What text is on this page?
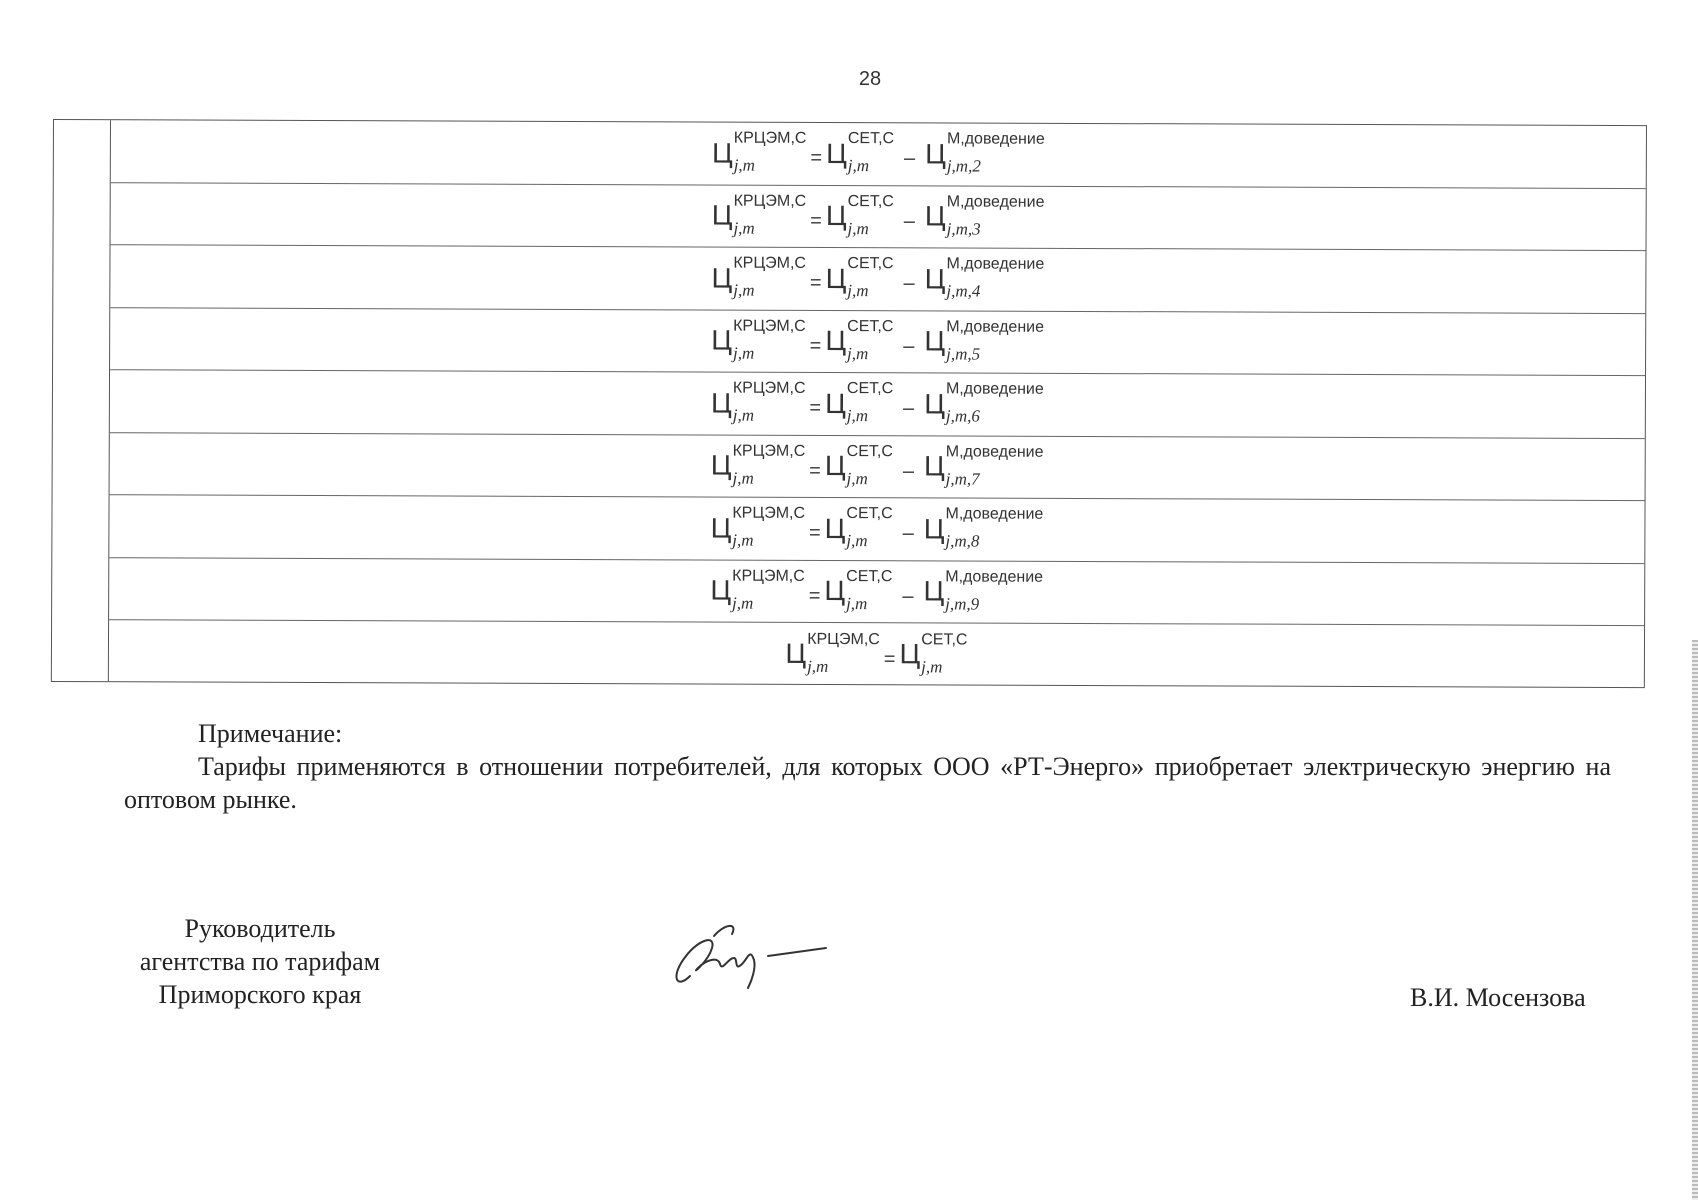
28
Ц КРЦЭМ,С
j,m	= Ц СЕТ,С
j,m	– Ц М,доведение
j,m,2
Ц КРЦЭМ,С
j,m	= Ц СЕТ,С
j,m	– Ц М,доведение
j,m,3
Ц КРЦЭМ,С
j,m	= Ц СЕТ,С
j,m	– Ц М,доведение
j,m,4
Ц КРЦЭМ,С
j,m	= Ц СЕТ,С
j,m	– Ц М,доведение
j,m,5
Ц КРЦЭМ,С
j,m	= Ц СЕТ,С
j,m	– Ц М,доведение
j,m,6
Ц КРЦЭМ,С
j,m	= Ц СЕТ,С
j,m	– Ц М,доведение
j,m,7
Ц КРЦЭМ,С
j,m	= Ц СЕТ,С
j,m	– Ц М,доведение
j,m,8
Ц КРЦЭМ,С
j,m	= Ц СЕТ,С
j,m	– Ц М,доведение
j,m,9
Ц КРЦЭМ,С
j,m	= Ц СЕТ,С
j,m
Примечание:
Тарифы применяются в отношении потребителей, для которых ООО «РТ-Энерго» приобретает электрическую энергию на оптовом рынке.
Руководитель
агентства по тарифам
Приморского края	В.И. Мосензова
